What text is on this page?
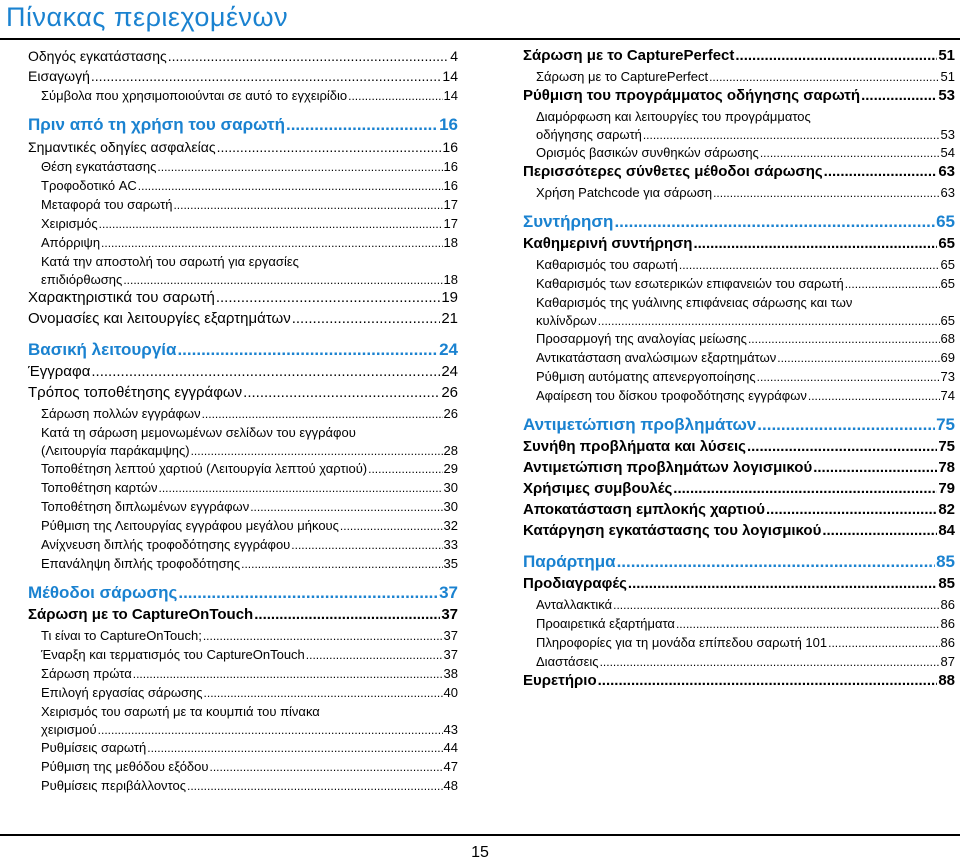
Πίνακας περιεχομένων
Οδηγός εγκατάστασης .....	4
Εισαγωγή .....	14
Σύμβολα που χρησιμοποιούνται σε αυτό το εγχειρίδιο .....	14
Πριν από τη χρήση του σαρωτή .....	16
Σημαντικές οδηγίες ασφαλείας .....	16
Θέση εγκατάστασης .....	16
Τροφοδοτικό AC .....	16
Μεταφορά του σαρωτή .....	17
Χειρισμός .....	17
Απόρριψη .....	18
Κατά την αποστολή του σαρωτή για εργασίες
επιδιόρθωσης .....	18
Χαρακτηριστικά του σαρωτή .....	19
Ονομασίες και λειτουργίες εξαρτημάτων .....	21
Βασική λειτουργία .....	24
Έγγραφα .....	24
Τρόπος τοποθέτησης εγγράφων .....	26
Σάρωση πολλών εγγράφων .....	26
Κατά τη σάρωση μεμονωμένων σελίδων του εγγράφου
(Λειτουργία παράκαμψης) .....	28
Τοποθέτηση λεπτού χαρτιού (Λειτουργία λεπτού χαρτιού) .....	29
Τοποθέτηση καρτών .....	30
Τοποθέτηση διπλωμένων εγγράφων .....	30
Ρύθμιση της Λειτουργίας εγγράφου μεγάλου μήκους .....	32
Ανίχνευση διπλής τροφοδότησης εγγράφου .....	33
Επανάληψη διπλής τροφοδότησης .....	35
Μέθοδοι σάρωσης .....	37
Σάρωση με το CaptureOnTouch .....	37
Τι είναι το CaptureOnTouch; .....	37
Έναρξη και τερματισμός του CaptureOnTouch .....	37
Σάρωση πρώτα .....	38
Επιλογή εργασίας σάρωσης .....	40
Χειρισμός του σαρωτή με τα κουμπιά του πίνακα
χειρισμού .....	43
Ρυθμίσεις σαρωτή .....	44
Ρύθμιση της μεθόδου εξόδου .....	47
Ρυθμίσεις περιβάλλοντος .....	48
Σάρωση με το CapturePerfect .....	51
Σάρωση με το CapturePerfect .....	51
Ρύθμιση του προγράμματος οδήγησης σαρωτή .....	53
Διαμόρφωση και λειτουργίες του προγράμματος
οδήγησης σαρωτή .....	53
Ορισμός βασικών συνθηκών σάρωσης .....	54
Περισσότερες σύνθετες μέθοδοι σάρωσης .....	63
Χρήση Patchcode για σάρωση .....	63
Συντήρηση .....	65
Καθημερινή συντήρηση .....	65
Καθαρισμός του σαρωτή .....	65
Καθαρισμός των εσωτερικών επιφανειών του σαρωτή .....	65
Καθαρισμός της γυάλινης επιφάνειας σάρωσης και των
κυλίνδρων .....	65
Προσαρμογή της αναλογίας μείωσης .....	68
Αντικατάσταση αναλώσιμων εξαρτημάτων .....	69
Ρύθμιση αυτόματης απενεργοποίησης .....	73
Αφαίρεση του δίσκου τροφοδότησης εγγράφων .....	74
Αντιμετώπιση προβλημάτων .....	75
Συνήθη προβλήματα και λύσεις .....	75
Αντιμετώπιση προβλημάτων λογισμικού .....	78
Χρήσιμες συμβουλές .....	79
Αποκατάσταση εμπλοκής χαρτιού .....	82
Κατάργηση εγκατάστασης του λογισμικού .....	84
Παράρτημα .....	85
Προδιαγραφές .....	85
Ανταλλακτικά .....	86
Προαιρετικά εξαρτήματα .....	86
Πληροφορίες για τη μονάδα επίπεδου σαρωτή 101 .....	86
Διαστάσεις .....	87
Ευρετήριο .....	88
15
